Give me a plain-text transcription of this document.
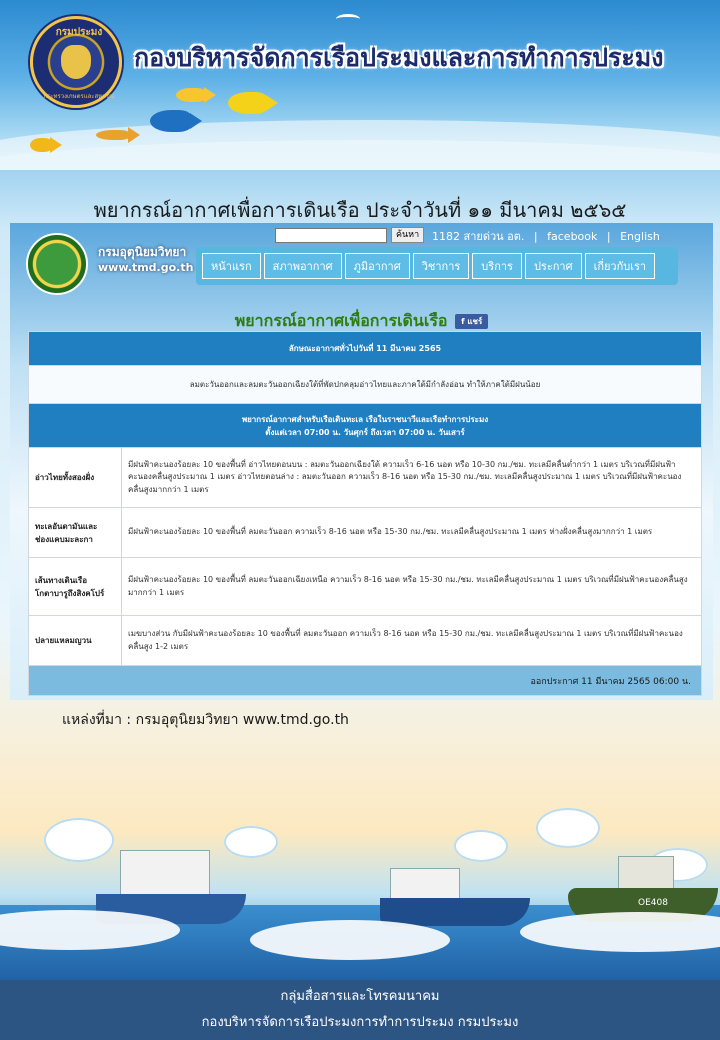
กรมประมง
กระทรวงเกษตรและสหกรณ์
กองบริหารจัดการเรือประมงและการทำการประมง
พยากรณ์อากาศเพื่อการเดินเรือ ประจำวันที่ ๑๑ มีนาคม ๒๕๖๕
กรมอุตุนิยมวิทยา
www.tmd.go.th
ค้นหา	1182 สายด่วน อต. | facebook | English
หน้าแรก	สภาพอากาศ	ภูมิอากาศ	วิชาการ	บริการ	ประกาศ	เกี่ยวกับเรา
พยากรณ์อากาศเพื่อการเดินเรือ f แชร์
ลักษณะอากาศทั่วไปวันที่ 11 มีนาคม 2565	
ลมตะวันออกและลมตะวันออกเฉียงใต้ที่พัดปกคลุมอ่าวไทยและภาคใต้มีกำลังอ่อน ทำให้ภาคใต้มีฝนน้อย	

พยากรณ์อากาศสำหรับเรือเดินทะเล เรือในราชนาวีและเรือทำการประมง
ตั้งแต่เวลา 07:00 น. วันศุกร์ ถึงเวลา 07:00 น. วันเสาร์	

อ่าวไทยทั้งสองฝั่ง	มีฝนฟ้าคะนองร้อยละ 10 ของพื้นที่ อ่าวไทยตอนบน : ลมตะวันออกเฉียงใต้ ความเร็ว 6-16 นอต หรือ 10-30 กม./ชม. ทะเลมีคลื่นต่ำกว่า 1 เมตร บริเวณที่มีฝนฟ้าคะนองคลื่นสูงประมาณ 1 เมตร อ่าวไทยตอนล่าง : ลมตะวันออก ความเร็ว 8-16 นอต หรือ 15-30 กม./ชม. ทะเลมีคลื่นสูงประมาณ 1 เมตร บริเวณที่มีฝนฟ้าคะนองคลื่นสูงมากกว่า 1 เมตร
ทะเลอันดามันและช่องแคบมะละกา	มีฝนฟ้าคะนองร้อยละ 10 ของพื้นที่ ลมตะวันออก ความเร็ว 8-16 นอต หรือ 15-30 กม./ชม. ทะเลมีคลื่นสูงประมาณ 1 เมตร ห่างฝั่งคลื่นสูงมากกว่า 1 เมตร
เส้นทางเดินเรือโกตาบารูถึงสิงคโปร์	มีฝนฟ้าคะนองร้อยละ 10 ของพื้นที่ ลมตะวันออกเฉียงเหนือ ความเร็ว 8-16 นอต หรือ 15-30 กม./ชม. ทะเลมีคลื่นสูงประมาณ 1 เมตร บริเวณที่มีฝนฟ้าคะนองคลื่นสูงมากกว่า 1 เมตร
ปลายแหลมญวน	เมฆบางส่วน กับมีฝนฟ้าคะนองร้อยละ 10 ของพื้นที่ ลมตะวันออก ความเร็ว 8-16 นอต หรือ 15-30 กม./ชม. ทะเลมีคลื่นสูงประมาณ 1 เมตร บริเวณที่มีฝนฟ้าคะนองคลื่นสูง 1-2 เมตร
ออกประกาศ 11 มีนาคม 2565 06:00 น.	
แหล่งที่มา : กรมอุตุนิยมวิทยา www.tmd.go.th
OE408
กลุ่มสื่อสารและโทรคมนาคม
กองบริหารจัดการเรือประมงการทำการประมง กรมประมง
